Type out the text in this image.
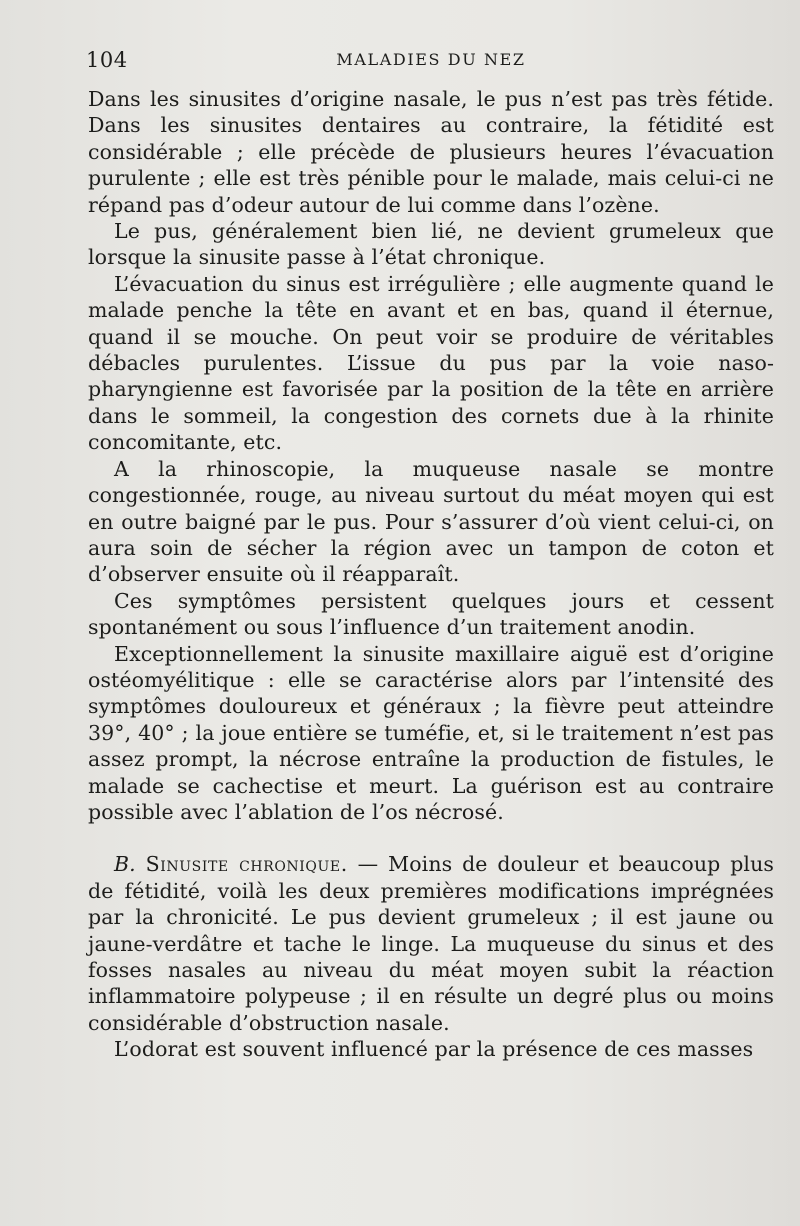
104	MALADIES DU NEZ

Dans les sinusites d’origine nasale, le pus n’est pas très fétide. Dans les sinusites dentaires au contraire, la fétidité est considérable ; elle précède de plusieurs heures l’évacuation purulente ; elle est très pénible pour le malade, mais celui-ci ne répand pas d’odeur autour de lui comme dans l’ozène.

Le pus, généralement bien lié, ne devient grumeleux que lorsque la sinusite passe à l’état chronique.

L’évacuation du sinus est irrégulière ; elle augmente quand le malade penche la tête en avant et en bas, quand il éternue, quand il se mouche. On peut voir se produire de véritables débacles purulentes. L’issue du pus par la voie naso-pharyngienne est favorisée par la position de la tête en arrière dans le sommeil, la congestion des cornets due à la rhinite concomitante, etc.

A la rhinoscopie, la muqueuse nasale se montre congestionnée, rouge, au niveau surtout du méat moyen qui est en outre baigné par le pus. Pour s’assurer d’où vient celui-ci, on aura soin de sécher la région avec un tampon de coton et d’observer ensuite où il réapparaît.

Ces symptômes persistent quelques jours et cessent spontanément ou sous l’influence d’un traitement anodin.

Exceptionnellement la sinusite maxillaire aiguë est d’origine ostéomyélitique : elle se caractérise alors par l’intensité des symptômes douloureux et généraux ; la fièvre peut atteindre 39°, 40° ; la joue entière se tuméfie, et, si le traitement n’est pas assez prompt, la nécrose entraîne la production de fistules, le malade se cachectise et meurt. La guérison est au contraire possible avec l’ablation de l’os nécrosé.

B. Sinusite chronique. — Moins de douleur et beaucoup plus de fétidité, voilà les deux premières modifications imprégnées par la chronicité. Le pus devient grumeleux ; il est jaune ou jaune-verdâtre et tache le linge. La muqueuse du sinus et des fosses nasales au niveau du méat moyen subit la réaction inflammatoire polypeuse ; il en résulte un degré plus ou moins considérable d’obstruction nasale.

L’odorat est souvent influencé par la présence de ces masses
